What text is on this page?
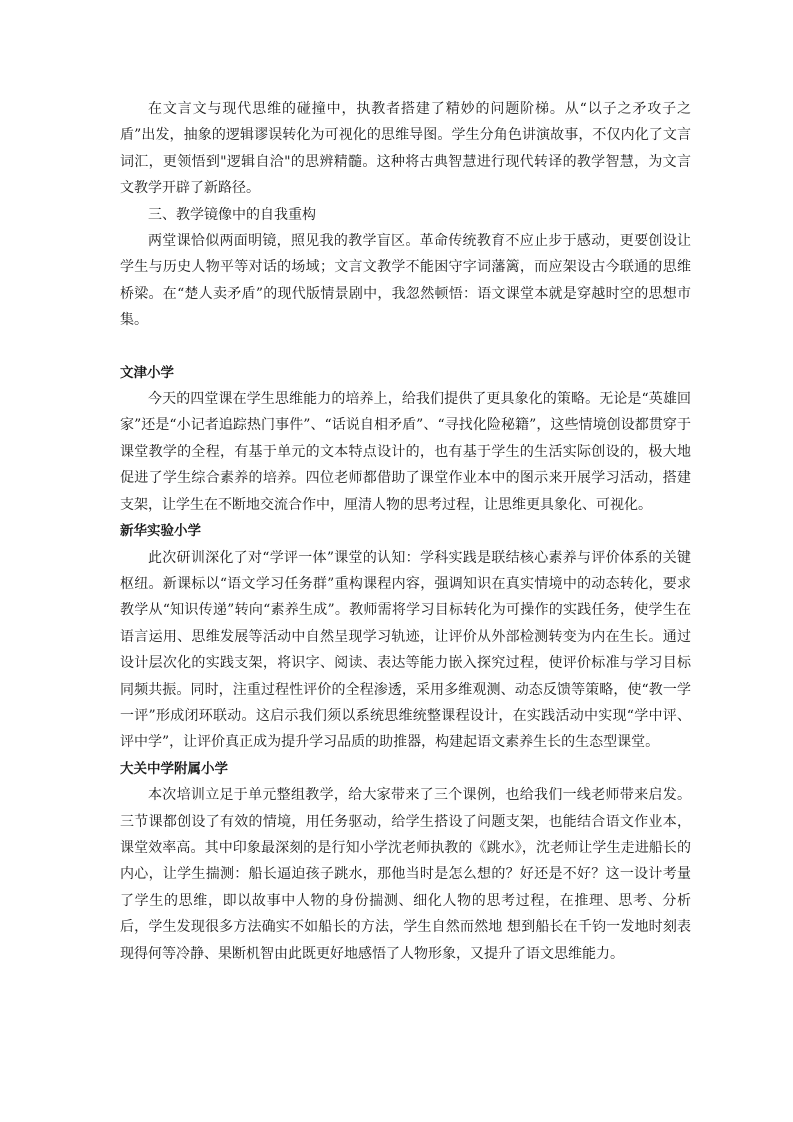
在文言文与现代思维的碰撞中，执教者搭建了精妙的问题阶梯。从“以子之矛攻子之盾”出发，抽象的逻辑谬误转化为可视化的思维导图。学生分角色讲演故事，不仅内化了文言词汇，更领悟到"逻辑自洽"的思辨精髓。这种将古典智慧进行现代转译的教学智慧，为文言文教学开辟了新路径。

三、教学镜像中的自我重构

两堂课恰似两面明镜，照见我的教学盲区。革命传统教育不应止步于感动，更要创设让学生与历史人物平等对话的场域；文言文教学不能困守字词藩篱，而应架设古今联通的思维桥梁。在“楚人卖矛盾”的现代版情景剧中，我忽然顿悟：语文课堂本就是穿越时空的思想市集。

文津小学

今天的四堂课在学生思维能力的培养上，给我们提供了更具象化的策略。无论是“英雄回家”还是“小记者追踪热门事件”、“话说自相矛盾”、“寻找化险秘籍”，这些情境创设都贯穿于课堂教学的全程，有基于单元的文本特点设计的，也有基于学生的生活实际创设的，极大地促进了学生综合素养的培养。四位老师都借助了课堂作业本中的图示来开展学习活动，搭建支架，让学生在不断地交流合作中，厘清人物的思考过程，让思维更具象化、可视化。

新华实验小学

此次研训深化了对“学评一体”课堂的认知：学科实践是联结核心素养与评价体系的关键枢纽。新课标以“语文学习任务群”重构课程内容，强调知识在真实情境中的动态转化，要求教学从“知识传递”转向“素养生成”。教师需将学习目标转化为可操作的实践任务，使学生在语言运用、思维发展等活动中自然呈现学习轨迹，让评价从外部检测转变为内在生长。通过设计层次化的实践支架，将识字、阅读、表达等能力嵌入探究过程，使评价标准与学习目标同频共振。同时，注重过程性评价的全程渗透，采用多维观测、动态反馈等策略，使“教一学一评”形成闭环联动。这启示我们须以系统思维统整课程设计，在实践活动中实现“学中评、评中学”，让评价真正成为提升学习品质的助推器，构建起语文素养生长的生态型课堂。

大关中学附属小学

本次培训立足于单元整组教学，给大家带来了三个课例，也给我们一线老师带来启发。三节课都创设了有效的情境，用任务驱动，给学生搭设了问题支架，也能结合语文作业本，课堂效率高。其中印象最深刻的是行知小学沈老师执教的《跳水》，沈老师让学生走进船长的内心，让学生揣测：船长逼迫孩子跳水，那他当时是怎么想的？好还是不好？这一设计考量了学生的思维，即以故事中人物的身份揣测、细化人物的思考过程，在推理、思考、分析后，学生发现很多方法确实不如船长的方法，学生自然而然地 想到船长在千钧一发地时刻表现得何等冷静、果断机智由此既更好地感悟了人物形象，又提升了语文思维能力。
